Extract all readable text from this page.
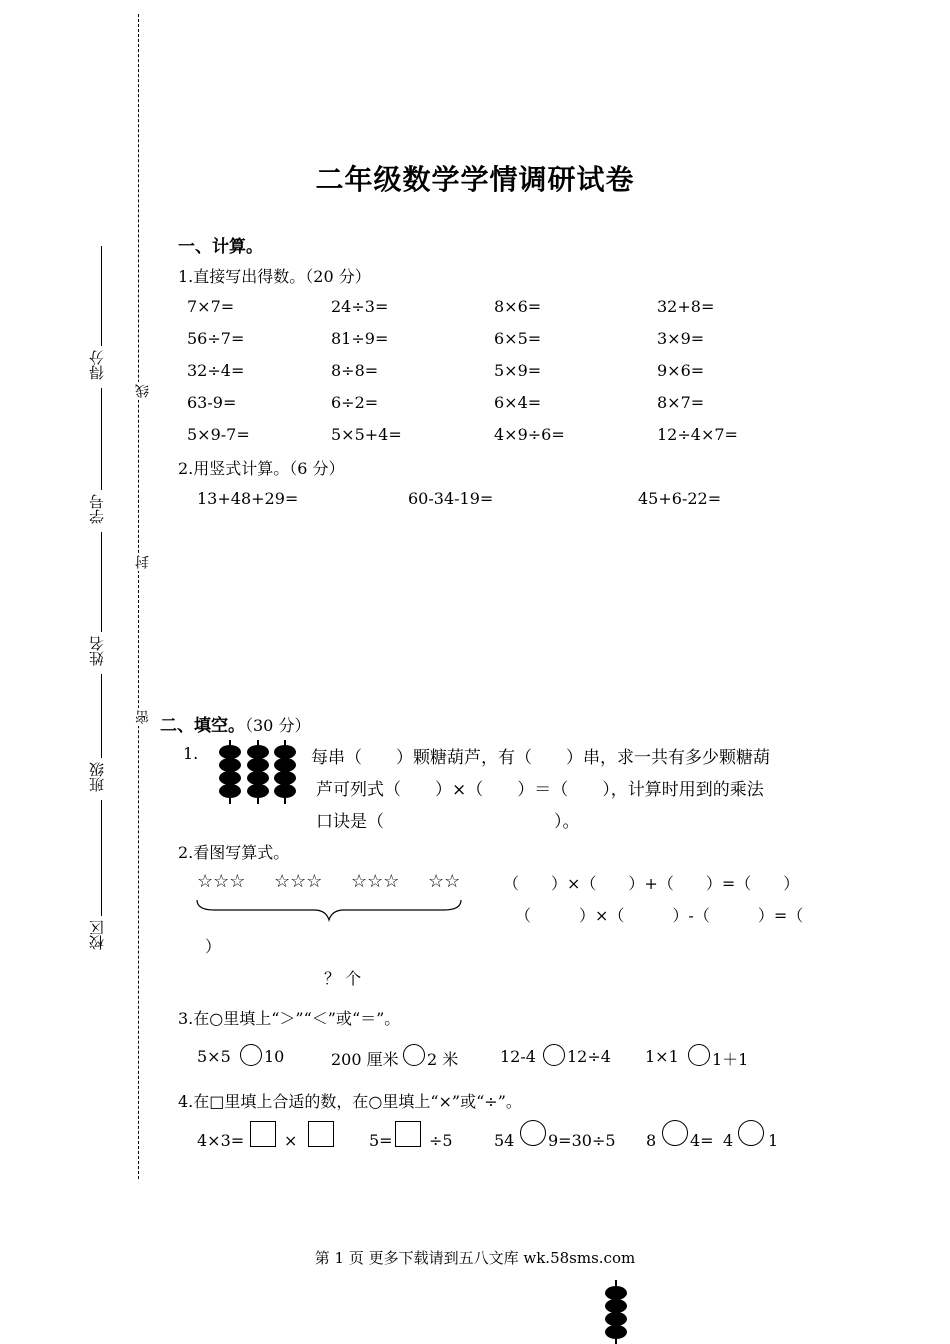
线
封
密
得分
学号
姓名
班级
校区
二年级数学学情调研试卷
一、计算。
1.直接写出得数。（20 分）
7×7=	24÷3=	8×6=	32+8=
56÷7=	81÷9=	6×5=	3×9=
32÷4=	8÷8=	5×9=	9×6=
63-9=	6÷2=	6×4=	8×7=
5×9-7=	5×5+4=	4×9÷6=	12÷4×7=
2.用竖式计算。（6 分）
13+48+29=	60-34-19=	45+6-22=
二、填空。（30 分）
1.	每串（　　）颗糖葫芦，有（　　）串，求一共有多少颗糖葫
芦可列式（　　）×（　　）＝（　　），计算时用到的乘法
口诀是（　　　　　　　　　　）。
2.看图写算式。
☆☆☆ ☆☆☆ ☆☆☆ ☆☆	（　　）×（　　）+（　　）=（　　）
（　　　）×（　　　）-（　　　）=（
）
？ 个
3.在○里填上“＞”“＜”或“＝”。
5×5 10	200 厘米 2 米	12-4 12÷4 1×1 1＋1
4.在□里填上合适的数，在○里填上“×”或“÷”。
4×3= ×	5= ÷5	54 9=30÷5 8 4= 4 1
第 1 页 更多下载请到五八文库 wk.58sms.com
